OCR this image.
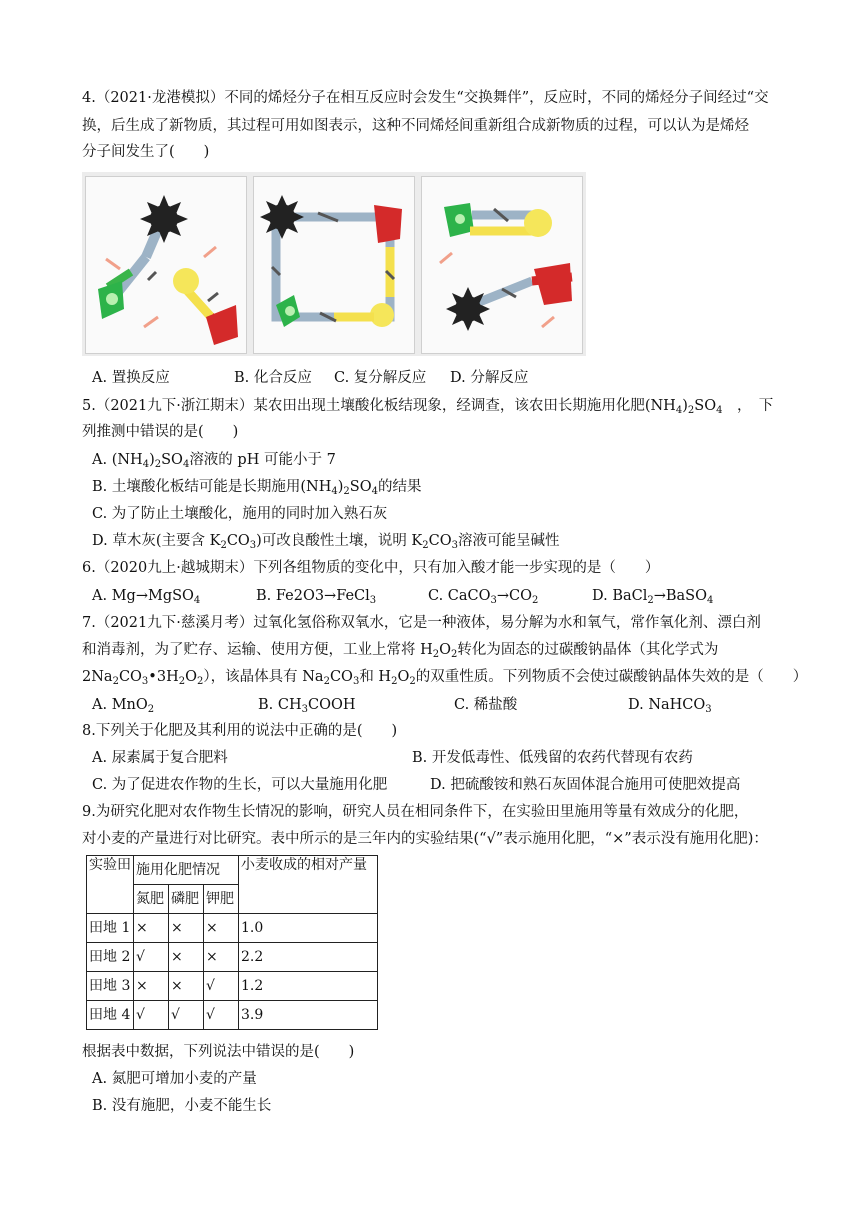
4.（2021·龙港模拟）不同的烯烃分子在相互反应时会发生“交换舞伴”，反应时，不同的烯烃分子间经过“交
换，后生成了新物质，其过程可用如图表示，这种不同烯烃间重新组合成新物质的过程，可以认为是烯烃
分子间发生了(　　)
A. 置换反应	B. 化合反应 C. 复分解反应 D. 分解反应
5.（2021九下·浙江期末）某农田出现土壤酸化板结现象，经调查，该农田长期施用化肥$(NH_4)_2SO_4$　，　下
列推测中错误的是(　　)
A. $(NH_4)_2SO_4$溶液的 pH 可能小于 7
B. 土壤酸化板结可能是长期施用$(NH_4)_2SO_4$的结果
C. 为了防止土壤酸化，施用的同时加入熟石灰
D. 草木灰(主要含 $K_2CO_3$)可改良酸性土壤，说明 $K_2CO_3$溶液可能呈碱性
6.（2020九上·越城期末）下列各组物质的变化中，只有加入酸才能一步实现的是（　　）
A. Mg→MgSO$_4$	B. Fe2O3→FeCl$_3$	C. $CaCO_3\to CO_2$	D. BaCl$_2$→BaSO$_4$
7.（2021九下·慈溪月考）过氧化氢俗称双氧水，它是一种液体，易分解为水和氧气，常作氧化剂、漂白剂
和消毒剂，为了贮存、运输、使用方便，工业上常将 $H_2O_2$转化为固态的过碳酸钠晶体（其化学式为
$2Na_2CO_3•3H_2O_2$），该晶体具有 $Na_2CO_3$和 $H_2O_2$的双重性质。下列物质不会使过碳酸钠晶体失效的是（　　）
A. MnO$_2$	B. $CH_3COOH$	C. 稀盐酸	D. NaHCO$_3$
8.下列关于化肥及其利用的说法中正确的是(　　)
A. 尿素属于复合肥料	B. 开发低毒性、低残留的农药代替现有农药
C. 为了促进农作物的生长，可以大量施用化肥	D. 把硫酸铵和熟石灰固体混合施用可使肥效提高
9.为研究化肥对农作物生长情况的影响，研究人员在相同条件下，在实验田里施用等量有效成分的化肥，
对小麦的产量进行对比研究。表中所示的是三年内的实验结果(“√”表示施用化肥，“×”表示没有施用化肥)：
实验田	施用化肥情况			小麦收成的相对产量
	氮肥	磷肥	钾肥	
田地 1	×	×	×	1.0
田地 2	√	×	×	2.2
田地 3	×	×	√	1.2
田地 4	√	√	√	3.9
根据表中数据，下列说法中错误的是(　　)
A. 氮肥可增加小麦的产量
B. 没有施肥，小麦不能生长
